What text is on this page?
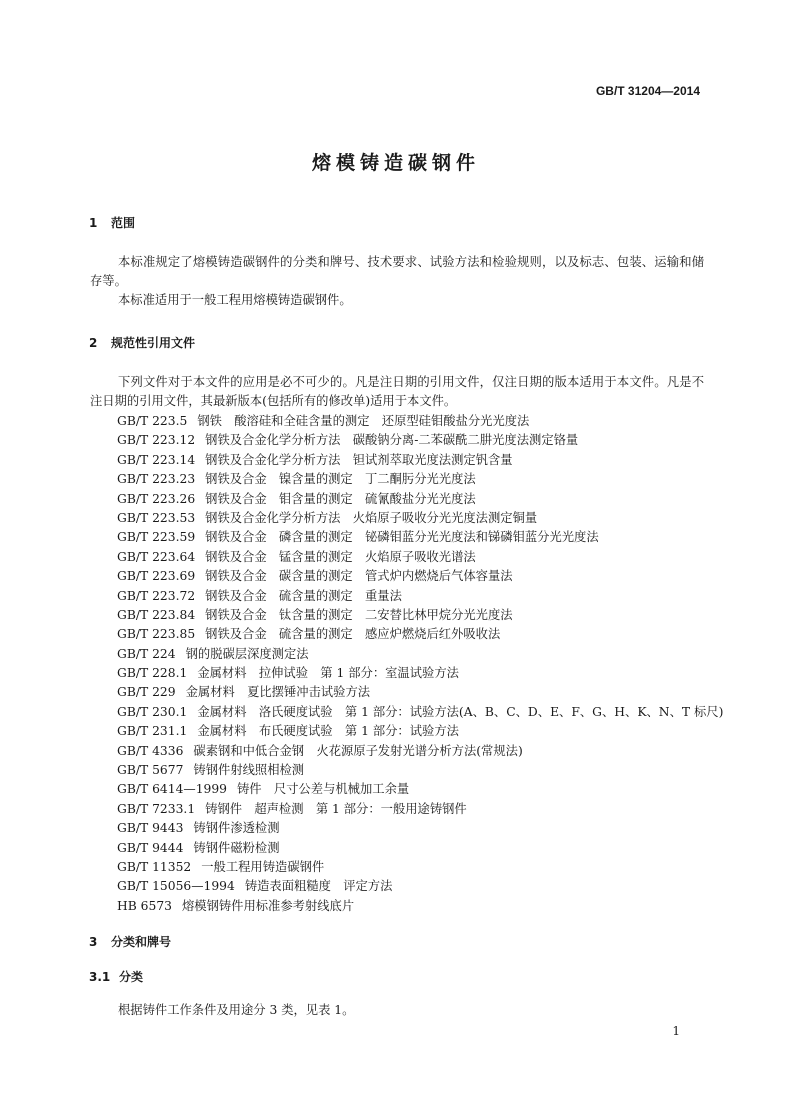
GB/T 31204—2014
熔模铸造碳钢件
1 范围

本标准规定了熔模铸造碳钢件的分类和牌号、技术要求、试验方法和检验规则，以及标志、包装、运输和储存等。

本标准适用于一般工程用熔模铸造碳钢件。

2 规范性引用文件

下列文件对于本文件的应用是必不可少的。凡是注日期的引用文件，仅注日期的版本适用于本文件。凡是不注日期的引用文件，其最新版本(包括所有的修改单)适用于本文件。

GB/T 223.5 钢铁　酸溶硅和全硅含量的测定　还原型硅钼酸盐分光光度法
GB/T 223.12 钢铁及合金化学分析方法　碳酸钠分离-二苯碳酰二肼光度法测定铬量
GB/T 223.14 钢铁及合金化学分析方法　钽试剂萃取光度法测定钒含量
GB/T 223.23 钢铁及合金　镍含量的测定　丁二酮肟分光光度法
GB/T 223.26 钢铁及合金　钼含量的测定　硫氰酸盐分光光度法
GB/T 223.53 钢铁及合金化学分析方法　火焰原子吸收分光光度法测定铜量
GB/T 223.59 钢铁及合金　磷含量的测定　铋磷钼蓝分光光度法和锑磷钼蓝分光光度法
GB/T 223.64 钢铁及合金　锰含量的测定　火焰原子吸收光谱法
GB/T 223.69 钢铁及合金　碳含量的测定　管式炉内燃烧后气体容量法
GB/T 223.72 钢铁及合金　硫含量的测定　重量法
GB/T 223.84 钢铁及合金　钛含量的测定　二安替比林甲烷分光光度法
GB/T 223.85 钢铁及合金　硫含量的测定　感应炉燃烧后红外吸收法
GB/T 224 钢的脱碳层深度测定法
GB/T 228.1 金属材料　拉伸试验　第 1 部分：室温试验方法
GB/T 229 金属材料　夏比摆锤冲击试验方法
GB/T 230.1 金属材料　洛氏硬度试验　第 1 部分：试验方法(A、B、C、D、E、F、G、H、K、N、T 标尺)
GB/T 231.1 金属材料　布氏硬度试验　第 1 部分：试验方法
GB/T 4336 碳素钢和中低合金钢　火花源原子发射光谱分析方法(常规法)
GB/T 5677 铸钢件射线照相检测
GB/T 6414—1999 铸件　尺寸公差与机械加工余量
GB/T 7233.1 铸钢件　超声检测　第 1 部分：一般用途铸钢件
GB/T 9443 铸钢件渗透检测
GB/T 9444 铸钢件磁粉检测
GB/T 11352 一般工程用铸造碳钢件
GB/T 15056—1994 铸造表面粗糙度　评定方法
HB 6573 熔模钢铸件用标准参考射线底片
3 分类和牌号
3.1 分类

根据铸件工作条件及用途分 3 类，见表 1。

1
